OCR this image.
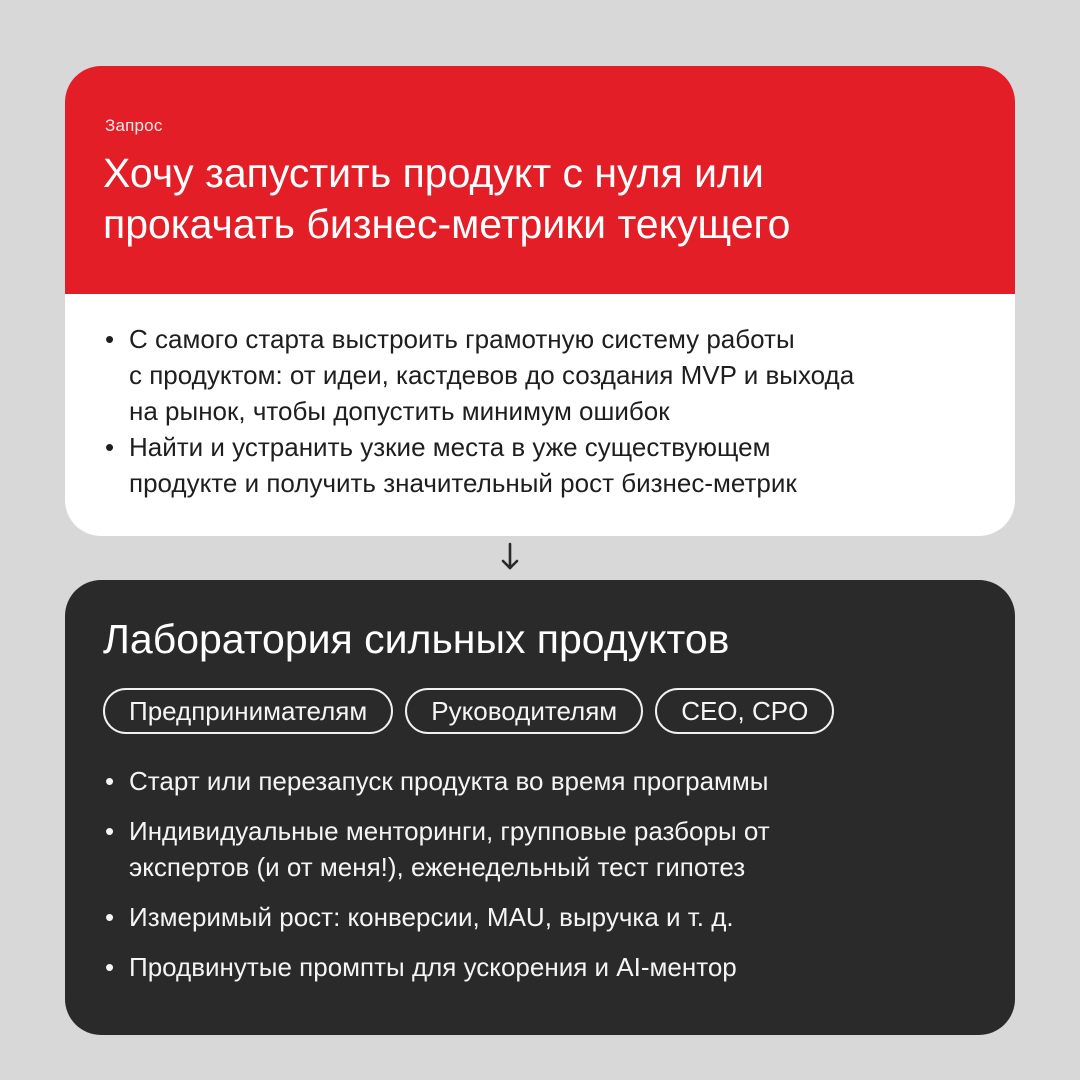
Запрос
Хочу запустить продукт с нуля или
прокачать бизнес-метрики текущего
• С самого старта выстроить грамотную систему работы
с продуктом: от идеи, кастдевов до создания MVP и выхода
на рынок, чтобы допустить минимум ошибок
• Найти и устранить узкие места в уже существующем
продукте и получить значительный рост бизнес-метрик
Лаборатория сильных продуктов
Предпринимателям	Руководителям	CEO, CPO
• Старт или перезапуск продукта во время программы
• Индивидуальные менторинги, групповые разборы от
экспертов (и от меня!), еженедельный тест гипотез
• Измеримый рост: конверсии, MAU, выручка и т. д.
• Продвинутые промпты для ускорения и AI-ментор
